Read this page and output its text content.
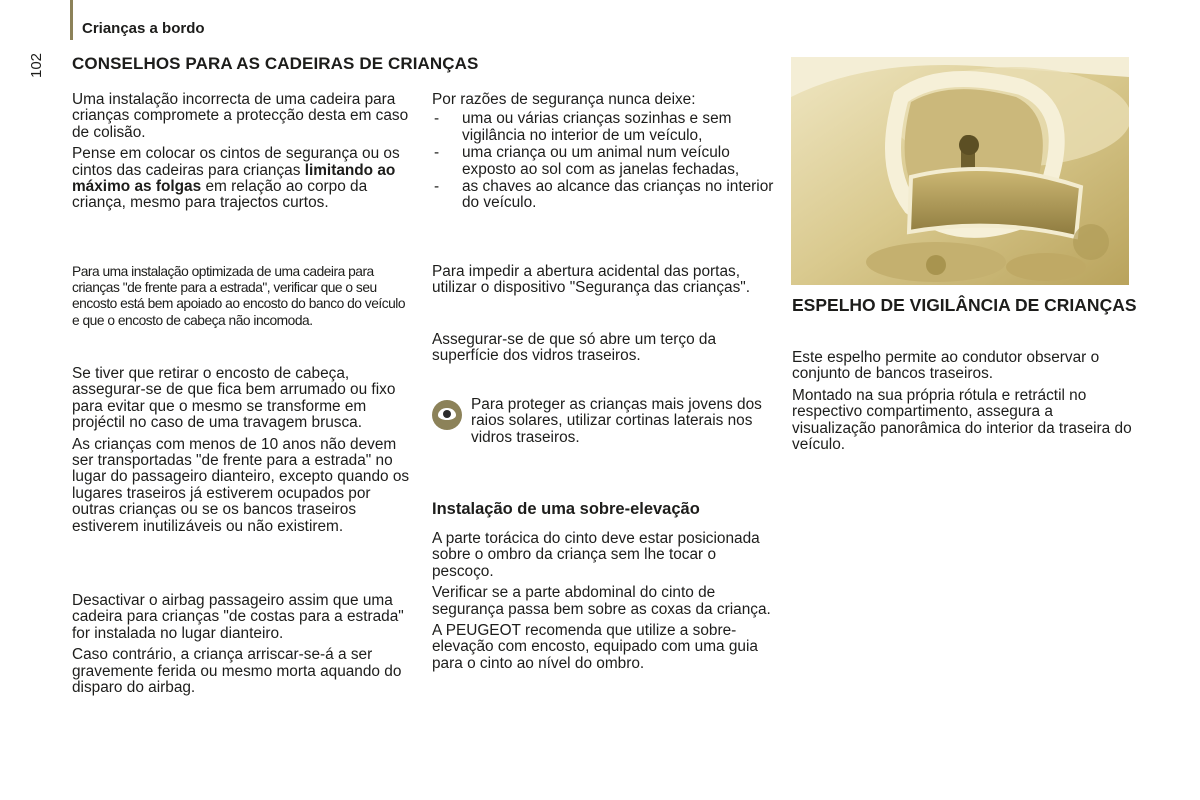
Crianças a bordo
102 CONSELHOS PARA AS CADEIRAS DE CRIANÇAS

Uma instalação incorrecta de uma cadeira para crianças compromete a protecção desta em caso de colisão.

Pense em colocar os cintos de segurança ou os cintos das cadeiras para crianças limitando ao máximo as folgas em relação ao corpo da criança, mesmo para trajectos curtos.

Para uma instalação optimizada de uma cadeira para crianças "de frente para a estrada", verificar que o seu encosto está bem apoiado ao encosto do banco do veículo e que o encosto de cabeça não incomoda.

Se tiver que retirar o encosto de cabeça, assegurar-se de que fica bem arrumado ou fixo para evitar que o mesmo se transforme em projéctil no caso de uma travagem brusca.

As crianças com menos de 10 anos não devem ser transportadas "de frente para a estrada" no lugar do passageiro dianteiro, excepto quando os lugares traseiros já estiverem ocupados por outras crianças ou se os bancos traseiros estiverem inutilizáveis ou não existirem.

Desactivar o airbag passageiro assim que uma cadeira para crianças "de costas para a estrada" for instalada no lugar dianteiro.

Caso contrário, a criança arriscar-se-á a ser gravemente ferida ou mesmo morta aquando do disparo do airbag.

Por razões de segurança nunca deixe:

- uma ou várias crianças sozinhas e sem vigilância no interior de um veículo,
- uma criança ou um animal num veículo exposto ao sol com as janelas fechadas,
- as chaves ao alcance das crianças no interior do veículo.
Para impedir a abertura acidental das portas, utilizar o dispositivo "Segurança das crianças".
Assegurar-se de que só abre um terço da superfície dos vidros traseiros.
Para proteger as crianças mais jovens dos raios solares, utilizar cortinas laterais nos vidros traseiros.
Instalação de uma sobre-elevação

A parte torácica do cinto deve estar posicionada sobre o ombro da criança sem lhe tocar o pescoço.

Verificar se a parte abdominal do cinto de segurança passa bem sobre as coxas da criança.

A PEUGEOT recomenda que utilize a sobre-elevação com encosto, equipado com uma guia para o cinto ao nível do ombro.

ESPELHO DE VIGILÂNCIA DE CRIANÇAS

Este espelho permite ao condutor observar o conjunto de bancos traseiros.

Montado na sua própria rótula e retráctil no respectivo compartimento, assegura a visualização panorâmica do interior da traseira do veículo.
